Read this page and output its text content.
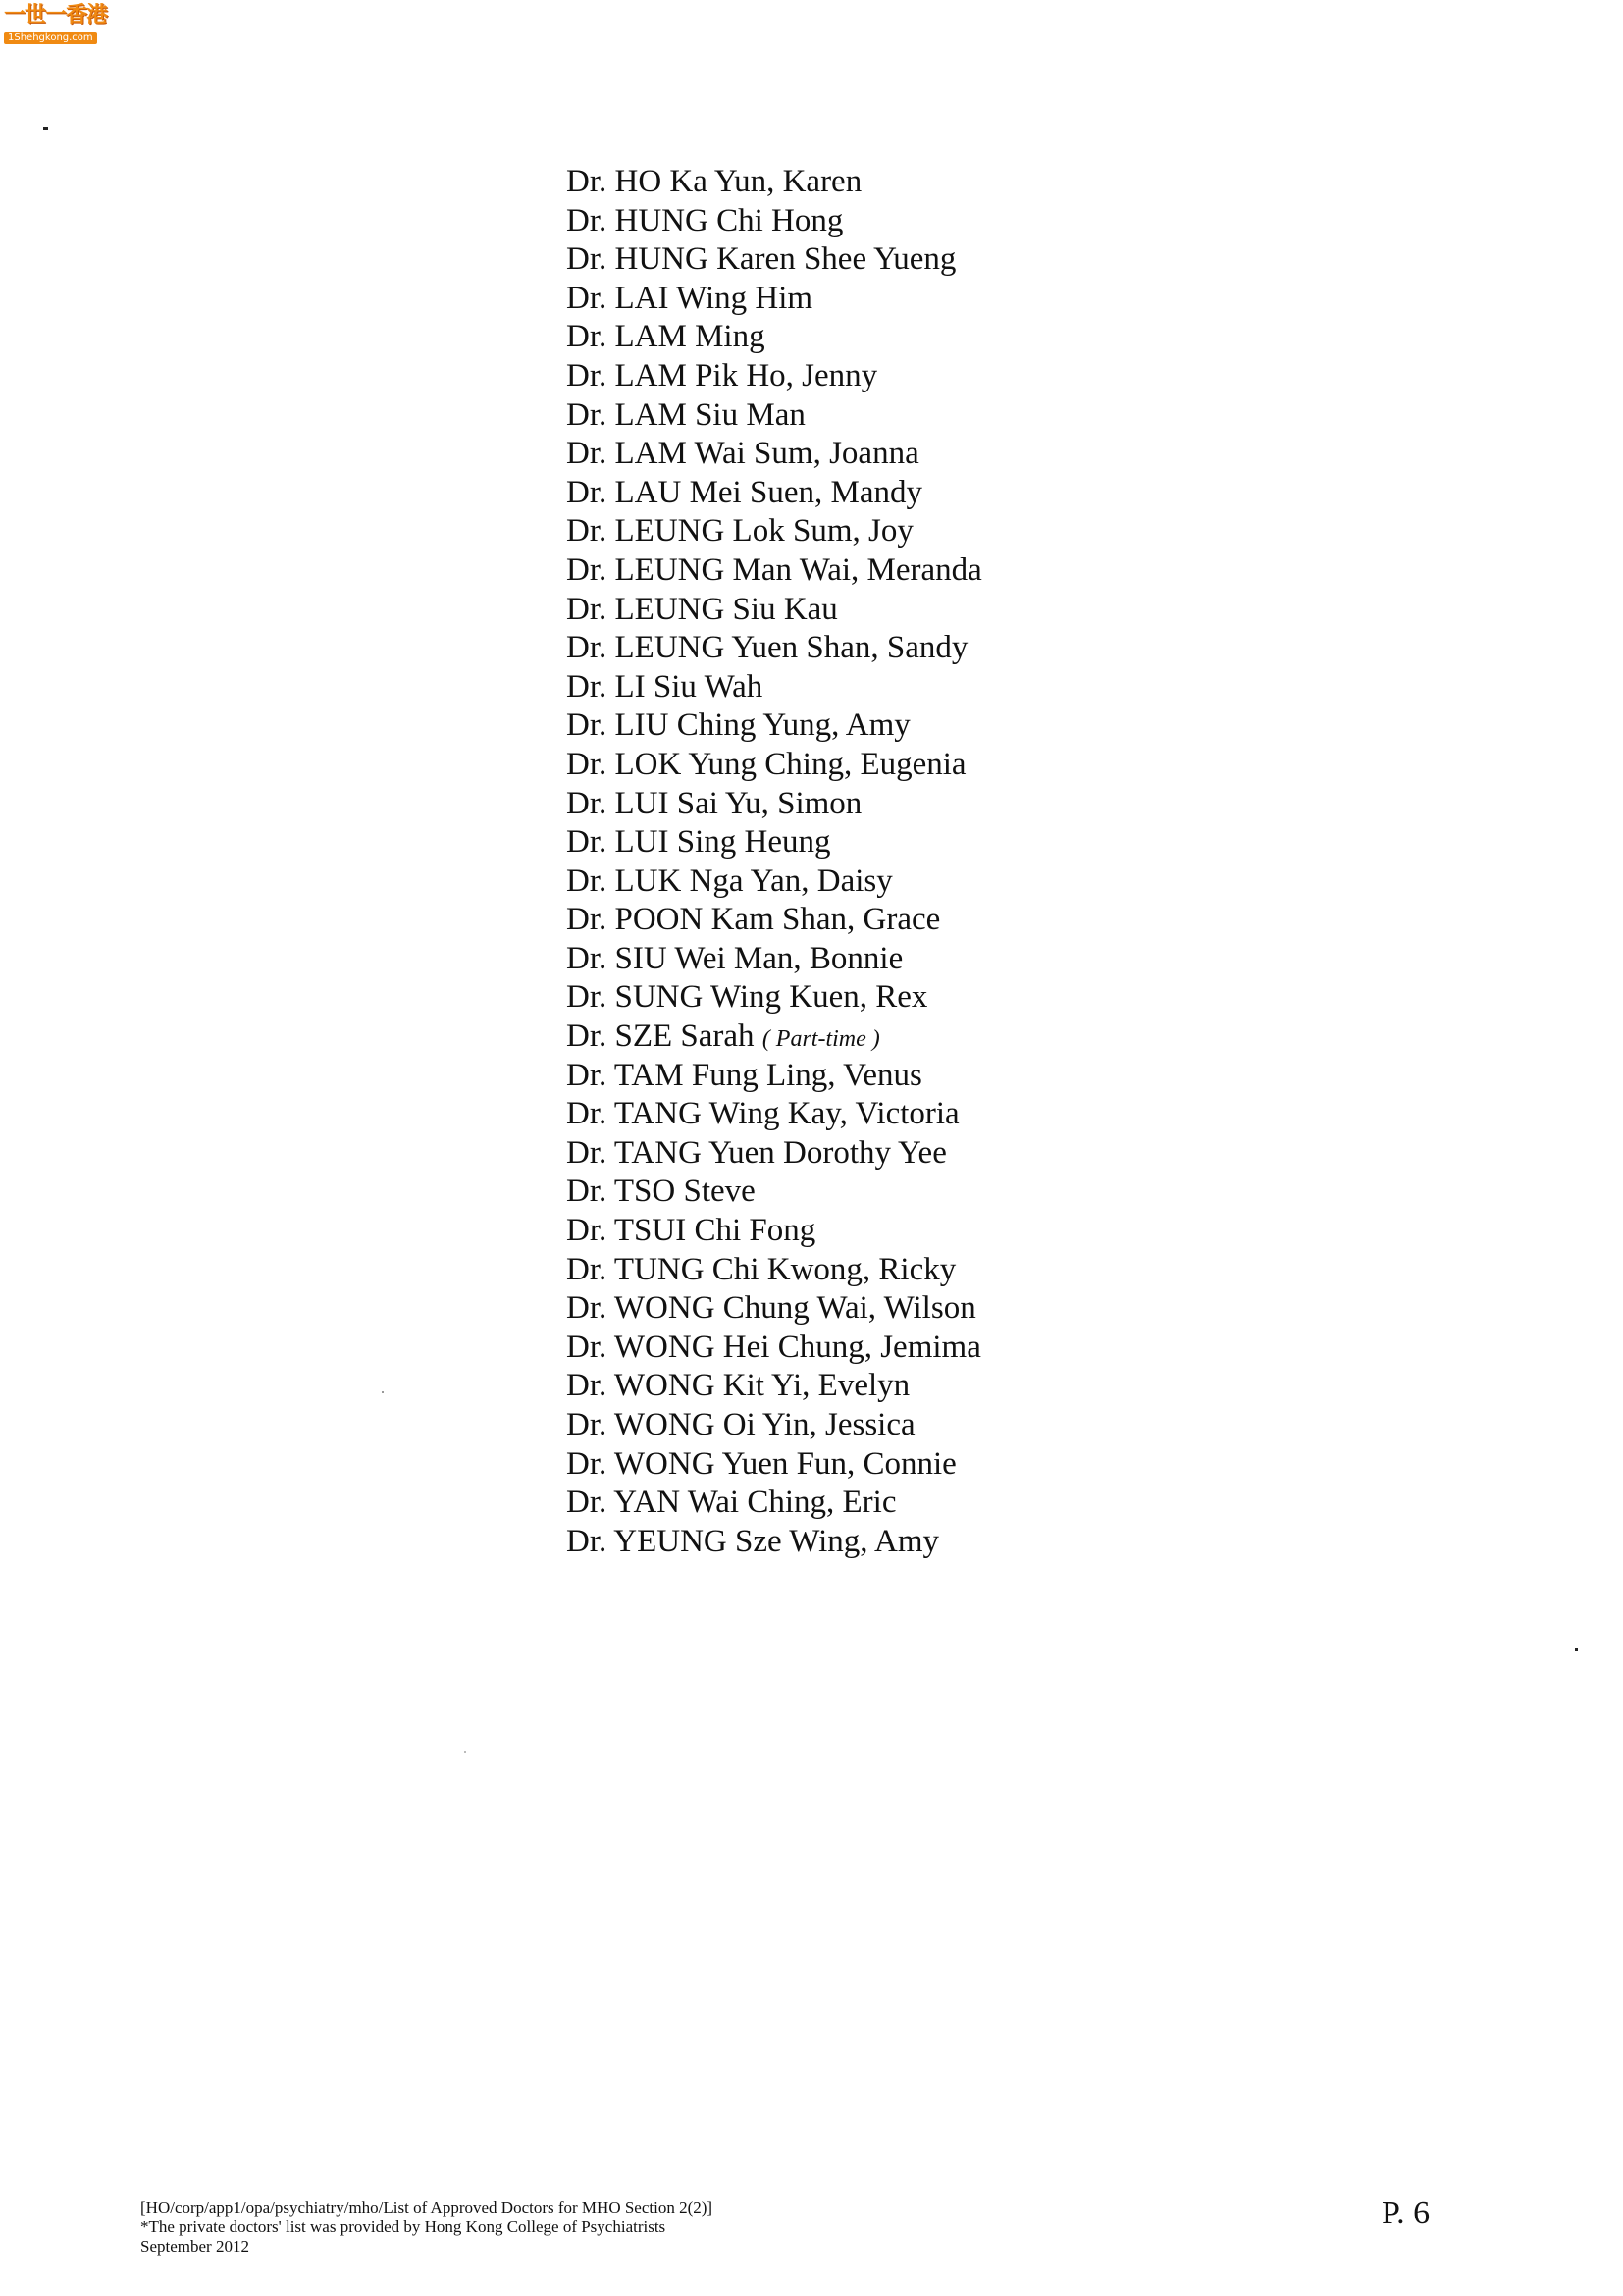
一世一香港
1Shehgkong.com
Dr. HO Ka Yun, Karen
Dr. HUNG Chi Hong
Dr. HUNG Karen Shee Yueng
Dr. LAI Wing Him
Dr. LAM Ming
Dr. LAM Pik Ho, Jenny
Dr. LAM Siu Man
Dr. LAM Wai Sum, Joanna
Dr. LAU Mei Suen, Mandy
Dr. LEUNG Lok Sum, Joy
Dr. LEUNG Man Wai, Meranda
Dr. LEUNG Siu Kau
Dr. LEUNG Yuen Shan, Sandy
Dr. LI Siu Wah
Dr. LIU Ching Yung, Amy
Dr. LOK Yung Ching, Eugenia
Dr. LUI Sai Yu, Simon
Dr. LUI Sing Heung
Dr. LUK Nga Yan, Daisy
Dr. POON Kam Shan, Grace
Dr. SIU Wei Man, Bonnie
Dr. SUNG Wing Kuen, Rex
Dr. SZE Sarah ( Part-time )
Dr. TAM Fung Ling, Venus
Dr. TANG Wing Kay, Victoria
Dr. TANG Yuen Dorothy Yee
Dr. TSO Steve
Dr. TSUI Chi Fong
Dr. TUNG Chi Kwong, Ricky
Dr. WONG Chung Wai, Wilson
Dr. WONG Hei Chung, Jemima
Dr. WONG Kit Yi, Evelyn
Dr. WONG Oi Yin, Jessica
Dr. WONG Yuen Fun, Connie
Dr. YAN Wai Ching, Eric
Dr. YEUNG Sze Wing, Amy
[HO/corp/app1/opa/psychiatry/mho/List of Approved Doctors for MHO Section 2(2)]
*The private doctors' list was provided by Hong Kong College of Psychiatrists
September 2012
P. 6
